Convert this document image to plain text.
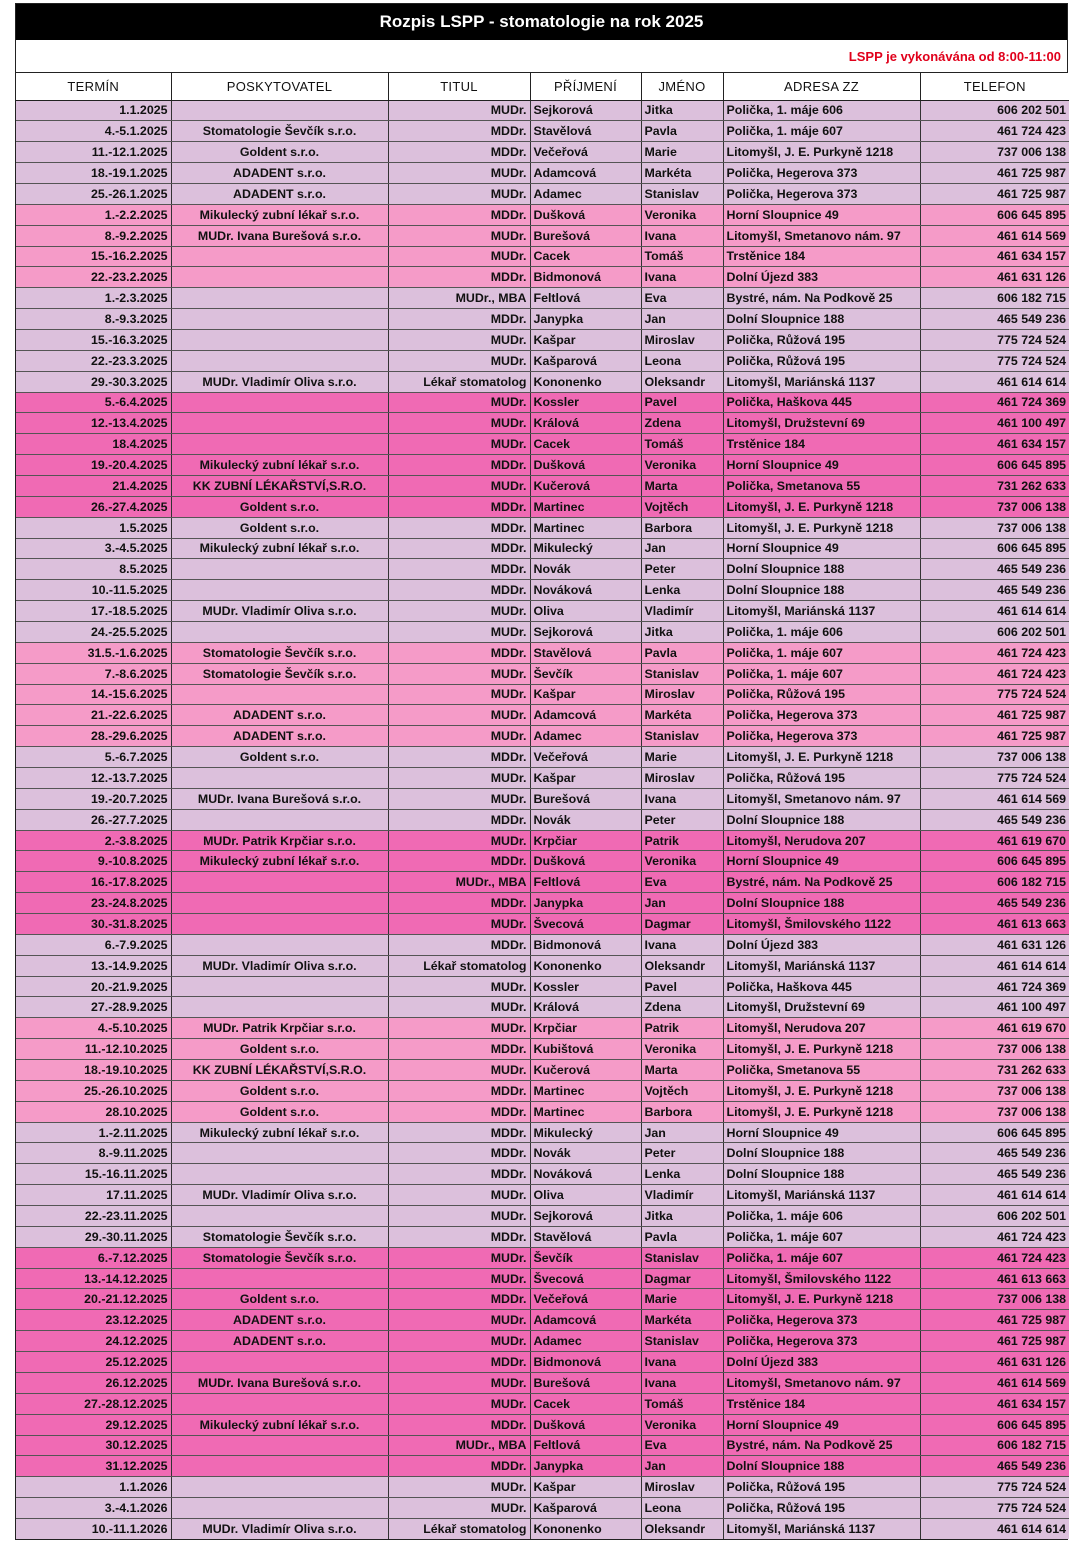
Rozpis LSPP - stomatologie na rok 2025
LSPP je vykonávána od 8:00-11:00
TERMÍN	POSKYTOVATEL	TITUL	PŘÍJMENÍ	JMÉNO	ADRESA ZZ	TELEFON
1.1.2025		MUDr.	Sejkorová	Jitka	Polička, 1. máje 606	606 202 501
4.-5.1.2025	Stomatologie Ševčík s.r.o.	MDDr.	Stavělová	Pavla	Polička, 1. máje 607	461 724 423
11.-12.1.2025	Goldent s.r.o.	MDDr.	Večeřová	Marie	Litomyšl, J. E. Purkyně 1218	737 006 138
18.-19.1.2025	ADADENT s.r.o.	MUDr.	Adamcová	Markéta	Polička, Hegerova 373	461 725 987
25.-26.1.2025	ADADENT s.r.o.	MUDr.	Adamec	Stanislav	Polička, Hegerova 373	461 725 987
1.-2.2.2025	Mikulecký zubní lékař s.r.o.	MDDr.	Dušková	Veronika	Horní Sloupnice 49	606 645 895
8.-9.2.2025	MUDr. Ivana Burešová s.r.o.	MUDr.	Burešová	Ivana	Litomyšl, Smetanovo nám. 97	461 614 569
15.-16.2.2025		MUDr.	Cacek	Tomáš	Trstěnice 184	461 634 157
22.-23.2.2025		MDDr.	Bidmonová	Ivana	Dolní Újezd 383	461 631 126
1.-2.3.2025		MUDr., MBA	Feltlová	Eva	Bystré, nám. Na Podkově 25	606 182 715
8.-9.3.2025		MDDr.	Janypka	Jan	Dolní Sloupnice 188	465 549 236
15.-16.3.2025		MUDr.	Kašpar	Miroslav	Polička, Růžová 195	775 724 524
22.-23.3.2025		MUDr.	Kašparová	Leona	Polička, Růžová 195	775 724 524
29.-30.3.2025	MUDr. Vladimír Oliva s.r.o.	Lékař stomatolog	Kononenko	Oleksandr	Litomyšl, Mariánská 1137	461 614 614
5.-6.4.2025		MUDr.	Kossler	Pavel	Polička, Haškova 445	461 724 369
12.-13.4.2025		MUDr.	Králová	Zdena	Litomyšl, Družstevní 69	461 100 497
18.4.2025		MUDr.	Cacek	Tomáš	Trstěnice 184	461 634 157
19.-20.4.2025	Mikulecký zubní lékař s.r.o.	MDDr.	Dušková	Veronika	Horní Sloupnice 49	606 645 895
21.4.2025	KK ZUBNÍ LÉKAŘSTVÍ,S.R.O.	MUDr.	Kučerová	Marta	Polička, Smetanova 55	731 262 633
26.-27.4.2025	Goldent s.r.o.	MDDr.	Martinec	Vojtěch	Litomyšl, J. E. Purkyně 1218	737 006 138
1.5.2025	Goldent s.r.o.	MDDr.	Martinec	Barbora	Litomyšl, J. E. Purkyně 1218	737 006 138
3.-4.5.2025	Mikulecký zubní lékař s.r.o.	MDDr.	Mikulecký	Jan	Horní Sloupnice 49	606 645 895
8.5.2025		MDDr.	Novák	Peter	Dolní Sloupnice 188	465 549 236
10.-11.5.2025		MDDr.	Nováková	Lenka	Dolní Sloupnice 188	465 549 236
17.-18.5.2025	MUDr. Vladimír Oliva s.r.o.	MUDr.	Oliva	Vladimír	Litomyšl, Mariánská 1137	461 614 614
24.-25.5.2025		MUDr.	Sejkorová	Jitka	Polička, 1. máje 606	606 202 501
31.5.-1.6.2025	Stomatologie Ševčík s.r.o.	MDDr.	Stavělová	Pavla	Polička, 1. máje 607	461 724 423
7.-8.6.2025	Stomatologie Ševčík s.r.o.	MUDr.	Ševčík	Stanislav	Polička, 1. máje 607	461 724 423
14.-15.6.2025		MUDr.	Kašpar	Miroslav	Polička, Růžová 195	775 724 524
21.-22.6.2025	ADADENT s.r.o.	MUDr.	Adamcová	Markéta	Polička, Hegerova 373	461 725 987
28.-29.6.2025	ADADENT s.r.o.	MUDr.	Adamec	Stanislav	Polička, Hegerova 373	461 725 987
5.-6.7.2025	Goldent s.r.o.	MDDr.	Večeřová	Marie	Litomyšl, J. E. Purkyně 1218	737 006 138
12.-13.7.2025		MUDr.	Kašpar	Miroslav	Polička, Růžová 195	775 724 524
19.-20.7.2025	MUDr. Ivana Burešová s.r.o.	MUDr.	Burešová	Ivana	Litomyšl, Smetanovo nám. 97	461 614 569
26.-27.7.2025		MDDr.	Novák	Peter	Dolní Sloupnice 188	465 549 236
2.-3.8.2025	MUDr. Patrik Krpčiar s.r.o.	MUDr.	Krpčiar	Patrik	Litomyšl, Nerudova 207	461 619 670
9.-10.8.2025	Mikulecký zubní lékař s.r.o.	MDDr.	Dušková	Veronika	Horní Sloupnice 49	606 645 895
16.-17.8.2025		MUDr., MBA	Feltlová	Eva	Bystré, nám. Na Podkově 25	606 182 715
23.-24.8.2025		MDDr.	Janypka	Jan	Dolní Sloupnice 188	465 549 236
30.-31.8.2025		MUDr.	Švecová	Dagmar	Litomyšl, Šmilovského 1122	461 613 663
6.-7.9.2025		MDDr.	Bidmonová	Ivana	Dolní Újezd 383	461 631 126
13.-14.9.2025	MUDr. Vladimír Oliva s.r.o.	Lékař stomatolog	Kononenko	Oleksandr	Litomyšl, Mariánská 1137	461 614 614
20.-21.9.2025		MUDr.	Kossler	Pavel	Polička, Haškova 445	461 724 369
27.-28.9.2025		MUDr.	Králová	Zdena	Litomyšl, Družstevní 69	461 100 497
4.-5.10.2025	MUDr. Patrik Krpčiar s.r.o.	MUDr.	Krpčiar	Patrik	Litomyšl, Nerudova 207	461 619 670
11.-12.10.2025	Goldent s.r.o.	MDDr.	Kubištová	Veronika	Litomyšl, J. E. Purkyně 1218	737 006 138
18.-19.10.2025	KK ZUBNÍ LÉKAŘSTVÍ,S.R.O.	MUDr.	Kučerová	Marta	Polička, Smetanova 55	731 262 633
25.-26.10.2025	Goldent s.r.o.	MDDr.	Martinec	Vojtěch	Litomyšl, J. E. Purkyně 1218	737 006 138
28.10.2025	Goldent s.r.o.	MDDr.	Martinec	Barbora	Litomyšl, J. E. Purkyně 1218	737 006 138
1.-2.11.2025	Mikulecký zubní lékař s.r.o.	MDDr.	Mikulecký	Jan	Horní Sloupnice 49	606 645 895
8.-9.11.2025		MDDr.	Novák	Peter	Dolní Sloupnice 188	465 549 236
15.-16.11.2025		MDDr.	Nováková	Lenka	Dolní Sloupnice 188	465 549 236
17.11.2025	MUDr. Vladimír Oliva s.r.o.	MUDr.	Oliva	Vladimír	Litomyšl, Mariánská 1137	461 614 614
22.-23.11.2025		MUDr.	Sejkorová	Jitka	Polička, 1. máje 606	606 202 501
29.-30.11.2025	Stomatologie Ševčík s.r.o.	MDDr.	Stavělová	Pavla	Polička, 1. máje 607	461 724 423
6.-7.12.2025	Stomatologie Ševčík s.r.o.	MUDr.	Ševčík	Stanislav	Polička, 1. máje 607	461 724 423
13.-14.12.2025		MUDr.	Švecová	Dagmar	Litomyšl, Šmilovského 1122	461 613 663
20.-21.12.2025	Goldent s.r.o.	MDDr.	Večeřová	Marie	Litomyšl, J. E. Purkyně 1218	737 006 138
23.12.2025	ADADENT s.r.o.	MUDr.	Adamcová	Markéta	Polička, Hegerova 373	461 725 987
24.12.2025	ADADENT s.r.o.	MUDr.	Adamec	Stanislav	Polička, Hegerova 373	461 725 987
25.12.2025		MDDr.	Bidmonová	Ivana	Dolní Újezd 383	461 631 126
26.12.2025	MUDr. Ivana Burešová s.r.o.	MUDr.	Burešová	Ivana	Litomyšl, Smetanovo nám. 97	461 614 569
27.-28.12.2025		MUDr.	Cacek	Tomáš	Trstěnice 184	461 634 157
29.12.2025	Mikulecký zubní lékař s.r.o.	MDDr.	Dušková	Veronika	Horní Sloupnice 49	606 645 895
30.12.2025		MUDr., MBA	Feltlová	Eva	Bystré, nám. Na Podkově 25	606 182 715
31.12.2025		MDDr.	Janypka	Jan	Dolní Sloupnice 188	465 549 236
1.1.2026		MUDr.	Kašpar	Miroslav	Polička, Růžová 195	775 724 524
3.-4.1.2026		MUDr.	Kašparová	Leona	Polička, Růžová 195	775 724 524
10.-11.1.2026	MUDr. Vladimír Oliva s.r.o.	Lékař stomatolog	Kononenko	Oleksandr	Litomyšl, Mariánská 1137	461 614 614
